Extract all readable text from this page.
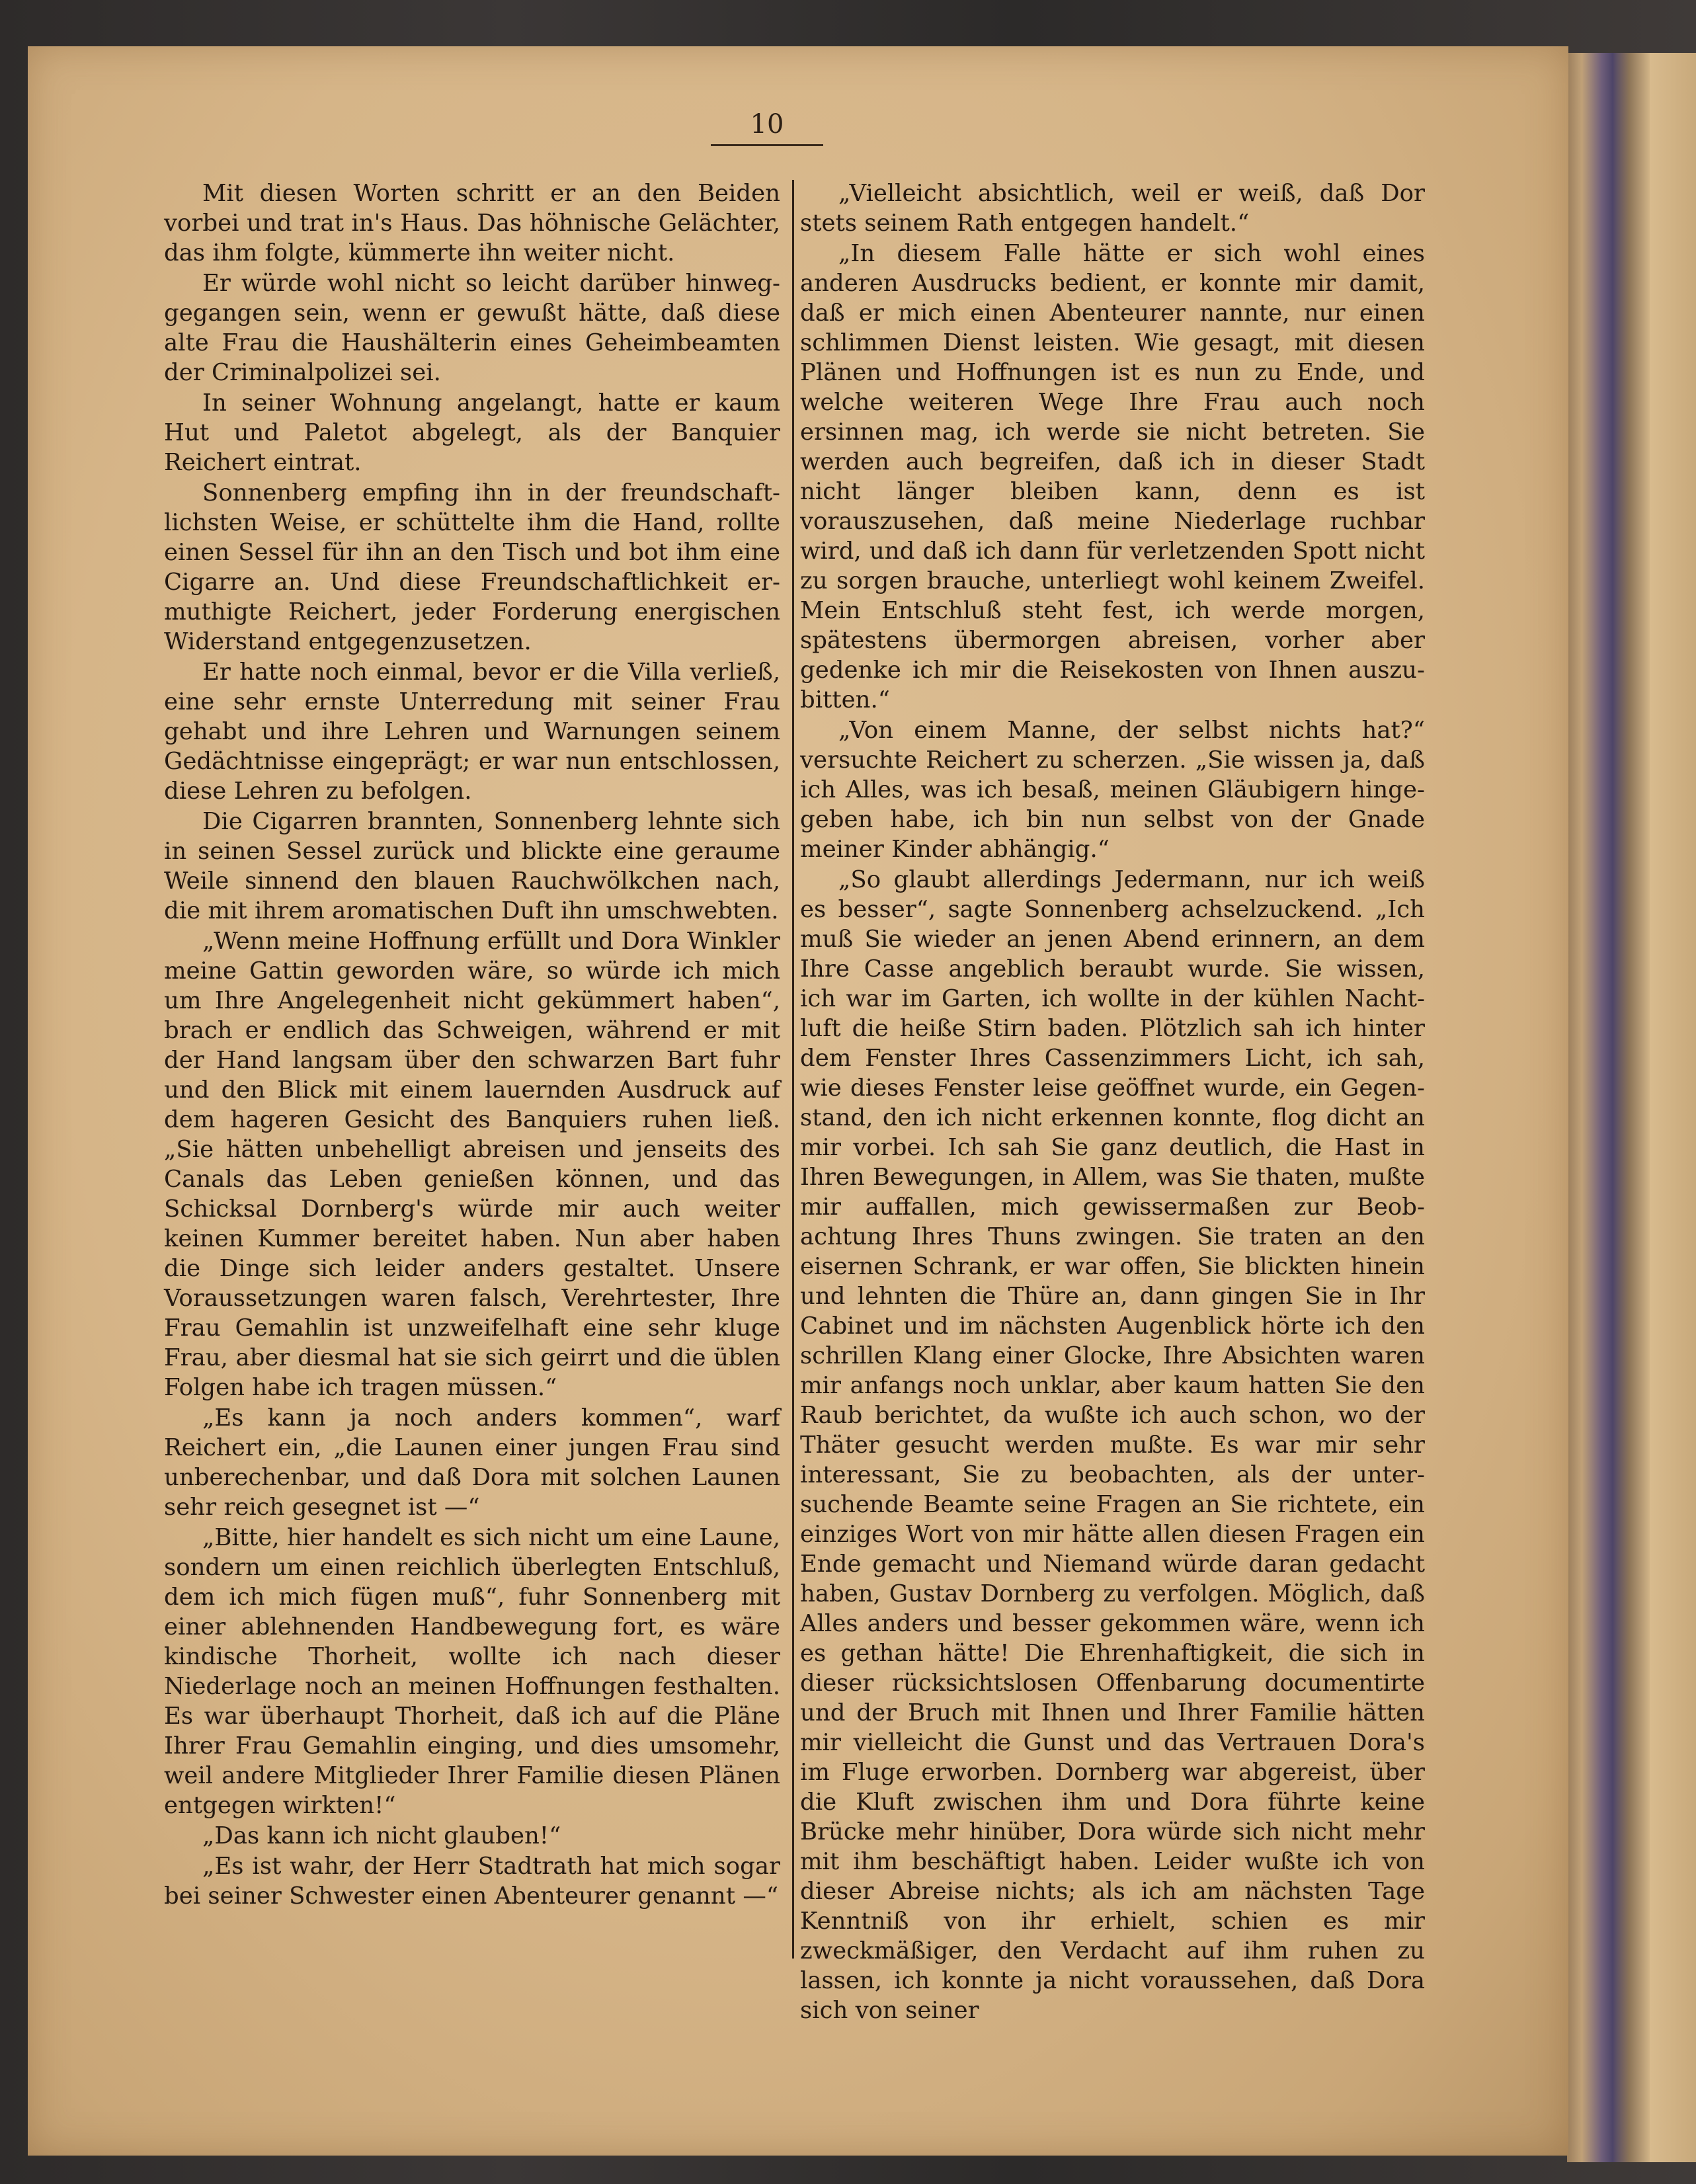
10

Mit diesen Worten schritt er an den Beiden vorbei und trat in's Haus. Das höhnische Gelächter, das ihm folgte, kümmerte ihn weiter nicht.

Er würde wohl nicht so leicht darüber hinweggegangen sein, wenn er gewußt hätte, daß diese alte Frau die Haushälterin eines Geheimbeamten der Criminalpolizei sei.

In seiner Wohnung angelangt, hatte er kaum Hut und Paletot abgelegt, als der Banquier Reichert eintrat.

Sonnenberg empfing ihn in der freundschaftlichsten Weise, er schüttelte ihm die Hand, rollte einen Sessel für ihn an den Tisch und bot ihm eine Cigarre an. Und diese Freundschaftlichkeit ermuthigte Reichert, jeder Forderung energischen Widerstand entgegenzusetzen.

Er hatte noch einmal, bevor er die Villa verließ, eine sehr ernste Unterredung mit seiner Frau gehabt und ihre Lehren und Warnungen seinem Gedächtnisse eingeprägt; er war nun entschlossen, diese Lehren zu befolgen.

Die Cigarren brannten, Sonnenberg lehnte sich in seinen Sessel zurück und blickte eine geraume Weile sinnend den blauen Rauchwölkchen nach, die mit ihrem aromatischen Duft ihn umschwebten.

„Wenn meine Hoffnung erfüllt und Dora Winkler meine Gattin geworden wäre, so würde ich mich um Ihre Angelegenheit nicht gekümmert haben“, brach er endlich das Schweigen, während er mit der Hand langsam über den schwarzen Bart fuhr und den Blick mit einem lauernden Ausdruck auf dem hageren Gesicht des Banquiers ruhen ließ. „Sie hätten unbehelligt abreisen und jenseits des Canals das Leben genießen können, und das Schicksal Dornberg's würde mir auch weiter keinen Kummer bereitet haben. Nun aber haben die Dinge sich leider anders gestaltet. Unsere Voraussetzungen waren falsch, Verehrtester, Ihre Frau Gemahlin ist unzweifelhaft eine sehr kluge Frau, aber diesmal hat sie sich geirrt und die üblen Folgen habe ich tragen müssen.“

„Es kann ja noch anders kommen“, warf Reichert ein, „die Launen einer jungen Frau sind unberechenbar, und daß Dora mit solchen Launen sehr reich gesegnet ist —“

„Bitte, hier handelt es sich nicht um eine Laune, sondern um einen reichlich überlegten Entschluß, dem ich mich fügen muß“, fuhr Sonnenberg mit einer ablehnenden Handbewegung fort, es wäre kindische Thorheit, wollte ich nach dieser Niederlage noch an meinen Hoffnungen festhalten. Es war überhaupt Thorheit, daß ich auf die Pläne Ihrer Frau Gemahlin einging, und dies umsomehr, weil andere Mitglieder Ihrer Familie diesen Plänen entgegen wirkten!“

„Das kann ich nicht glauben!“

„Es ist wahr, der Herr Stadtrath hat mich sogar bei seiner Schwester einen Abenteurer genannt —“

„Vielleicht absichtlich, weil er weiß, daß Dor stets seinem Rath entgegen handelt.“

„In diesem Falle hätte er sich wohl eines anderen Ausdrucks bedient, er konnte mir damit, daß er mich einen Abenteurer nannte, nur einen schlimmen Dienst leisten. Wie gesagt, mit diesen Plänen und Hoffnungen ist es nun zu Ende, und welche weiteren Wege Ihre Frau auch noch ersinnen mag, ich werde sie nicht betreten. Sie werden auch begreifen, daß ich in dieser Stadt nicht länger bleiben kann, denn es ist vorauszusehen, daß meine Niederlage ruchbar wird, und daß ich dann für verletzenden Spott nicht zu sorgen brauche, unterliegt wohl keinem Zweifel. Mein Entschluß steht fest, ich werde morgen, spätestens übermorgen abreisen, vorher aber gedenke ich mir die Reisekosten von Ihnen auszubitten.“

„Von einem Manne, der selbst nichts hat?“ versuchte Reichert zu scherzen. „Sie wissen ja, daß ich Alles, was ich besaß, meinen Gläubigern hingegeben habe, ich bin nun selbst von der Gnade meiner Kinder abhängig.“

„So glaubt allerdings Jedermann, nur ich weiß es besser“, sagte Sonnenberg achselzuckend. „Ich muß Sie wieder an jenen Abend erinnern, an dem Ihre Casse angeblich beraubt wurde. Sie wissen, ich war im Garten, ich wollte in der kühlen Nachtluft die heiße Stirn baden. Plötzlich sah ich hinter dem Fenster Ihres Cassenzimmers Licht, ich sah, wie dieses Fenster leise geöffnet wurde, ein Gegenstand, den ich nicht erkennen konnte, flog dicht an mir vorbei. Ich sah Sie ganz deutlich, die Hast in Ihren Bewegungen, in Allem, was Sie thaten, mußte mir auffallen, mich gewissermaßen zur Beobachtung Ihres Thuns zwingen. Sie traten an den eisernen Schrank, er war offen, Sie blickten hinein und lehnten die Thüre an, dann gingen Sie in Ihr Cabinet und im nächsten Augenblick hörte ich den schrillen Klang einer Glocke, Ihre Absichten waren mir anfangs noch unklar, aber kaum hatten Sie den Raub berichtet, da wußte ich auch schon, wo der Thäter gesucht werden mußte. Es war mir sehr interessant, Sie zu beobachten, als der untersuchende Beamte seine Fragen an Sie richtete, ein einziges Wort von mir hätte allen diesen Fragen ein Ende gemacht und Niemand würde daran gedacht haben, Gustav Dornberg zu verfolgen. Möglich, daß Alles anders und besser gekommen wäre, wenn ich es gethan hätte! Die Ehrenhaftigkeit, die sich in dieser rücksichtslosen Offenbarung documentirte und der Bruch mit Ihnen und Ihrer Familie hätten mir vielleicht die Gunst und das Vertrauen Dora's im Fluge erworben. Dornberg war abgereist, über die Kluft zwischen ihm und Dora führte keine Brücke mehr hinüber, Dora würde sich nicht mehr mit ihm beschäftigt haben. Leider wußte ich von dieser Abreise nichts; als ich am nächsten Tage Kenntniß von ihr erhielt, schien es mir zweckmäßiger, den Verdacht auf ihm ruhen zu lassen, ich konnte ja nicht voraussehen, daß Dora sich von seiner
